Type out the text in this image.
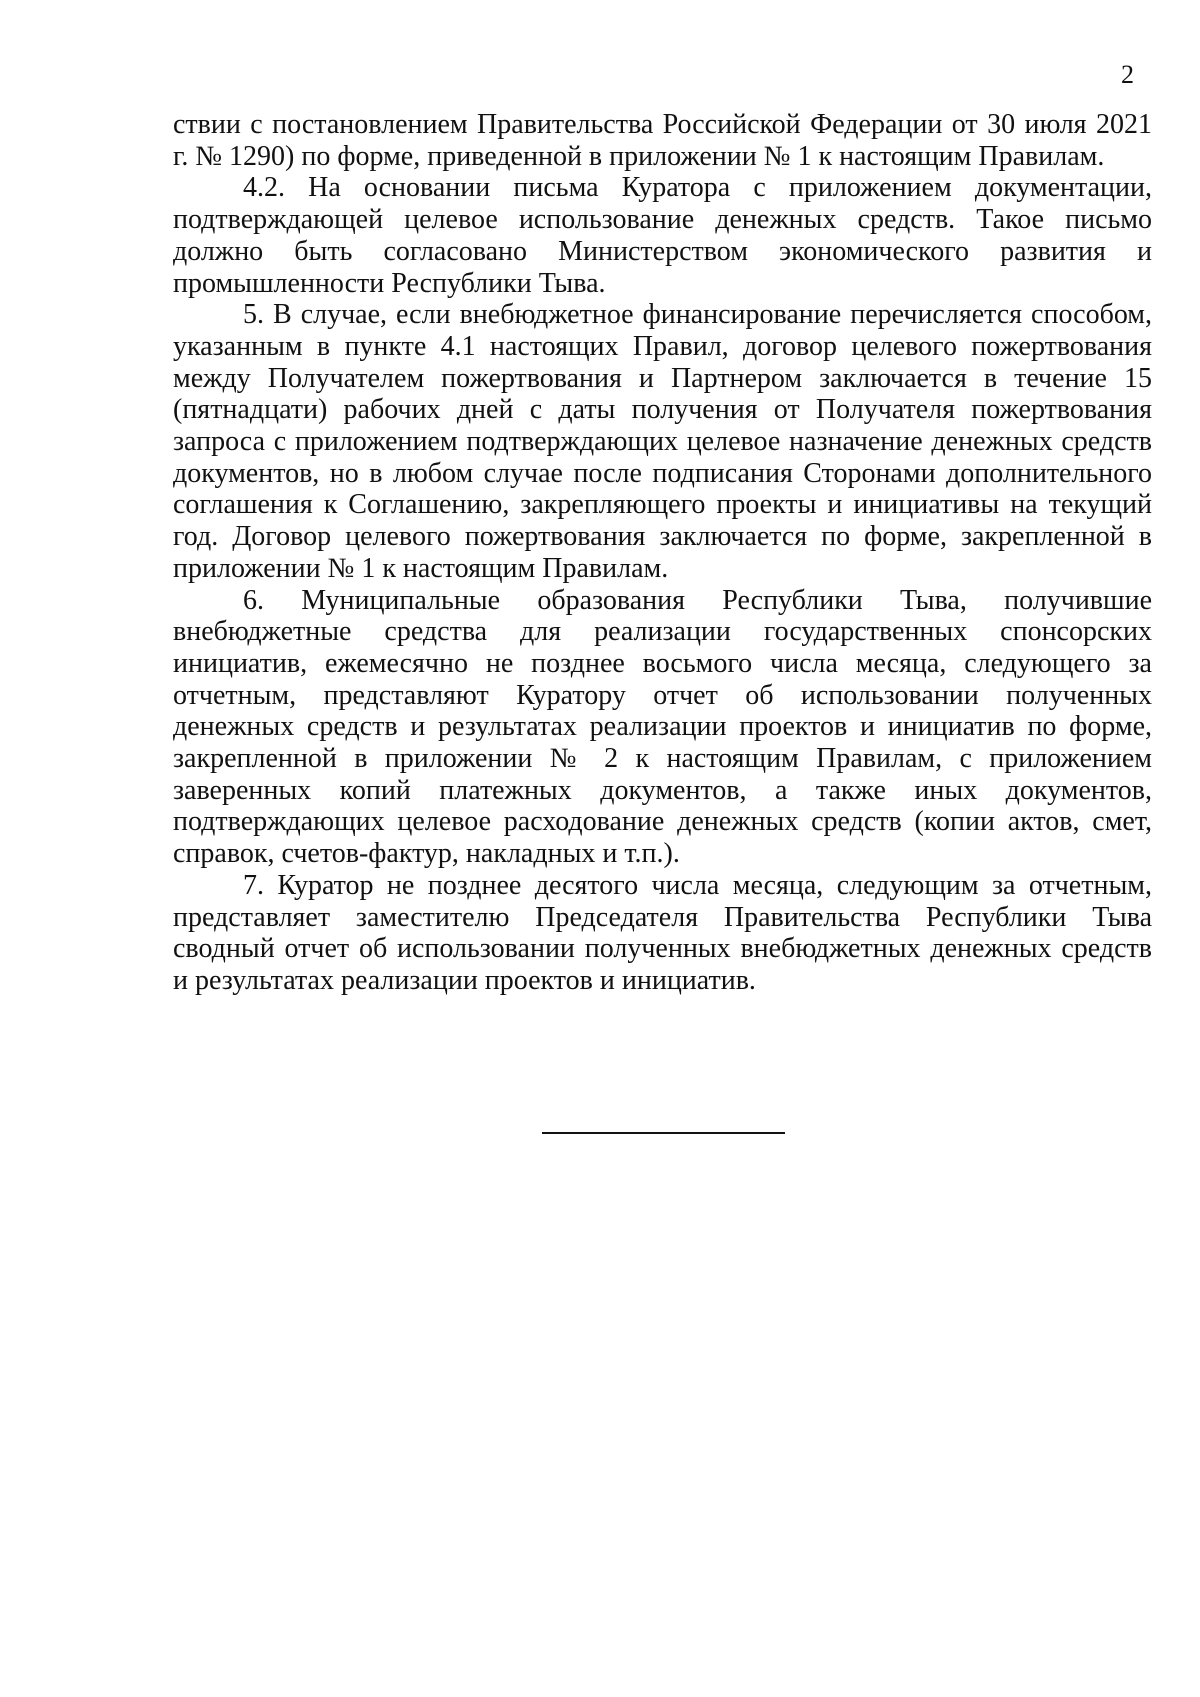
2

ствии с постановлением Правительства Российской Федерации от 30 июля 2021 г. № 1290) по форме, приведенной в приложении № 1 к настоящим Правилам.

4.2. На основании письма Куратора с приложением документации, подтверждающей целевое использование денежных средств. Такое письмо должно быть согласовано Министерством экономического развития и промышленности Республики Тыва.

5. В случае, если внебюджетное финансирование перечисляется способом, указанным в пункте 4.1 настоящих Правил, договор целевого пожертвования между Получателем пожертвования и Партнером заключается в течение 15 (пятнадцати) рабочих дней с даты получения от Получателя пожертвования запроса с приложением подтверждающих целевое назначение денежных средств документов, но в любом случае после подписания Сторонами дополнительного соглашения к Соглашению, закрепляющего проекты и инициативы на текущий год. Договор целевого пожертвования заключается по форме, закрепленной в приложении № 1 к настоящим Правилам.

6. Муниципальные образования Республики Тыва, получившие внебюджетные средства для реализации государственных спонсорских инициатив, ежемесячно не позднее восьмого числа месяца, следующего за отчетным, представляют Куратору отчет об использовании полученных денежных средств и результатах реализации проектов и инициатив по форме, закрепленной в приложении № 2 к настоящим Правилам, с приложением заверенных копий платежных документов, а также иных документов, подтверждающих целевое расходование денежных средств (копии актов, смет, справок, счетов-фактур, накладных и т.п.).

7. Куратор не позднее десятого числа месяца, следующим за отчетным, представляет заместителю Председателя Правительства Республики Тыва сводный отчет об использовании полученных внебюджетных денежных средств и результатах реализации проектов и инициатив.
